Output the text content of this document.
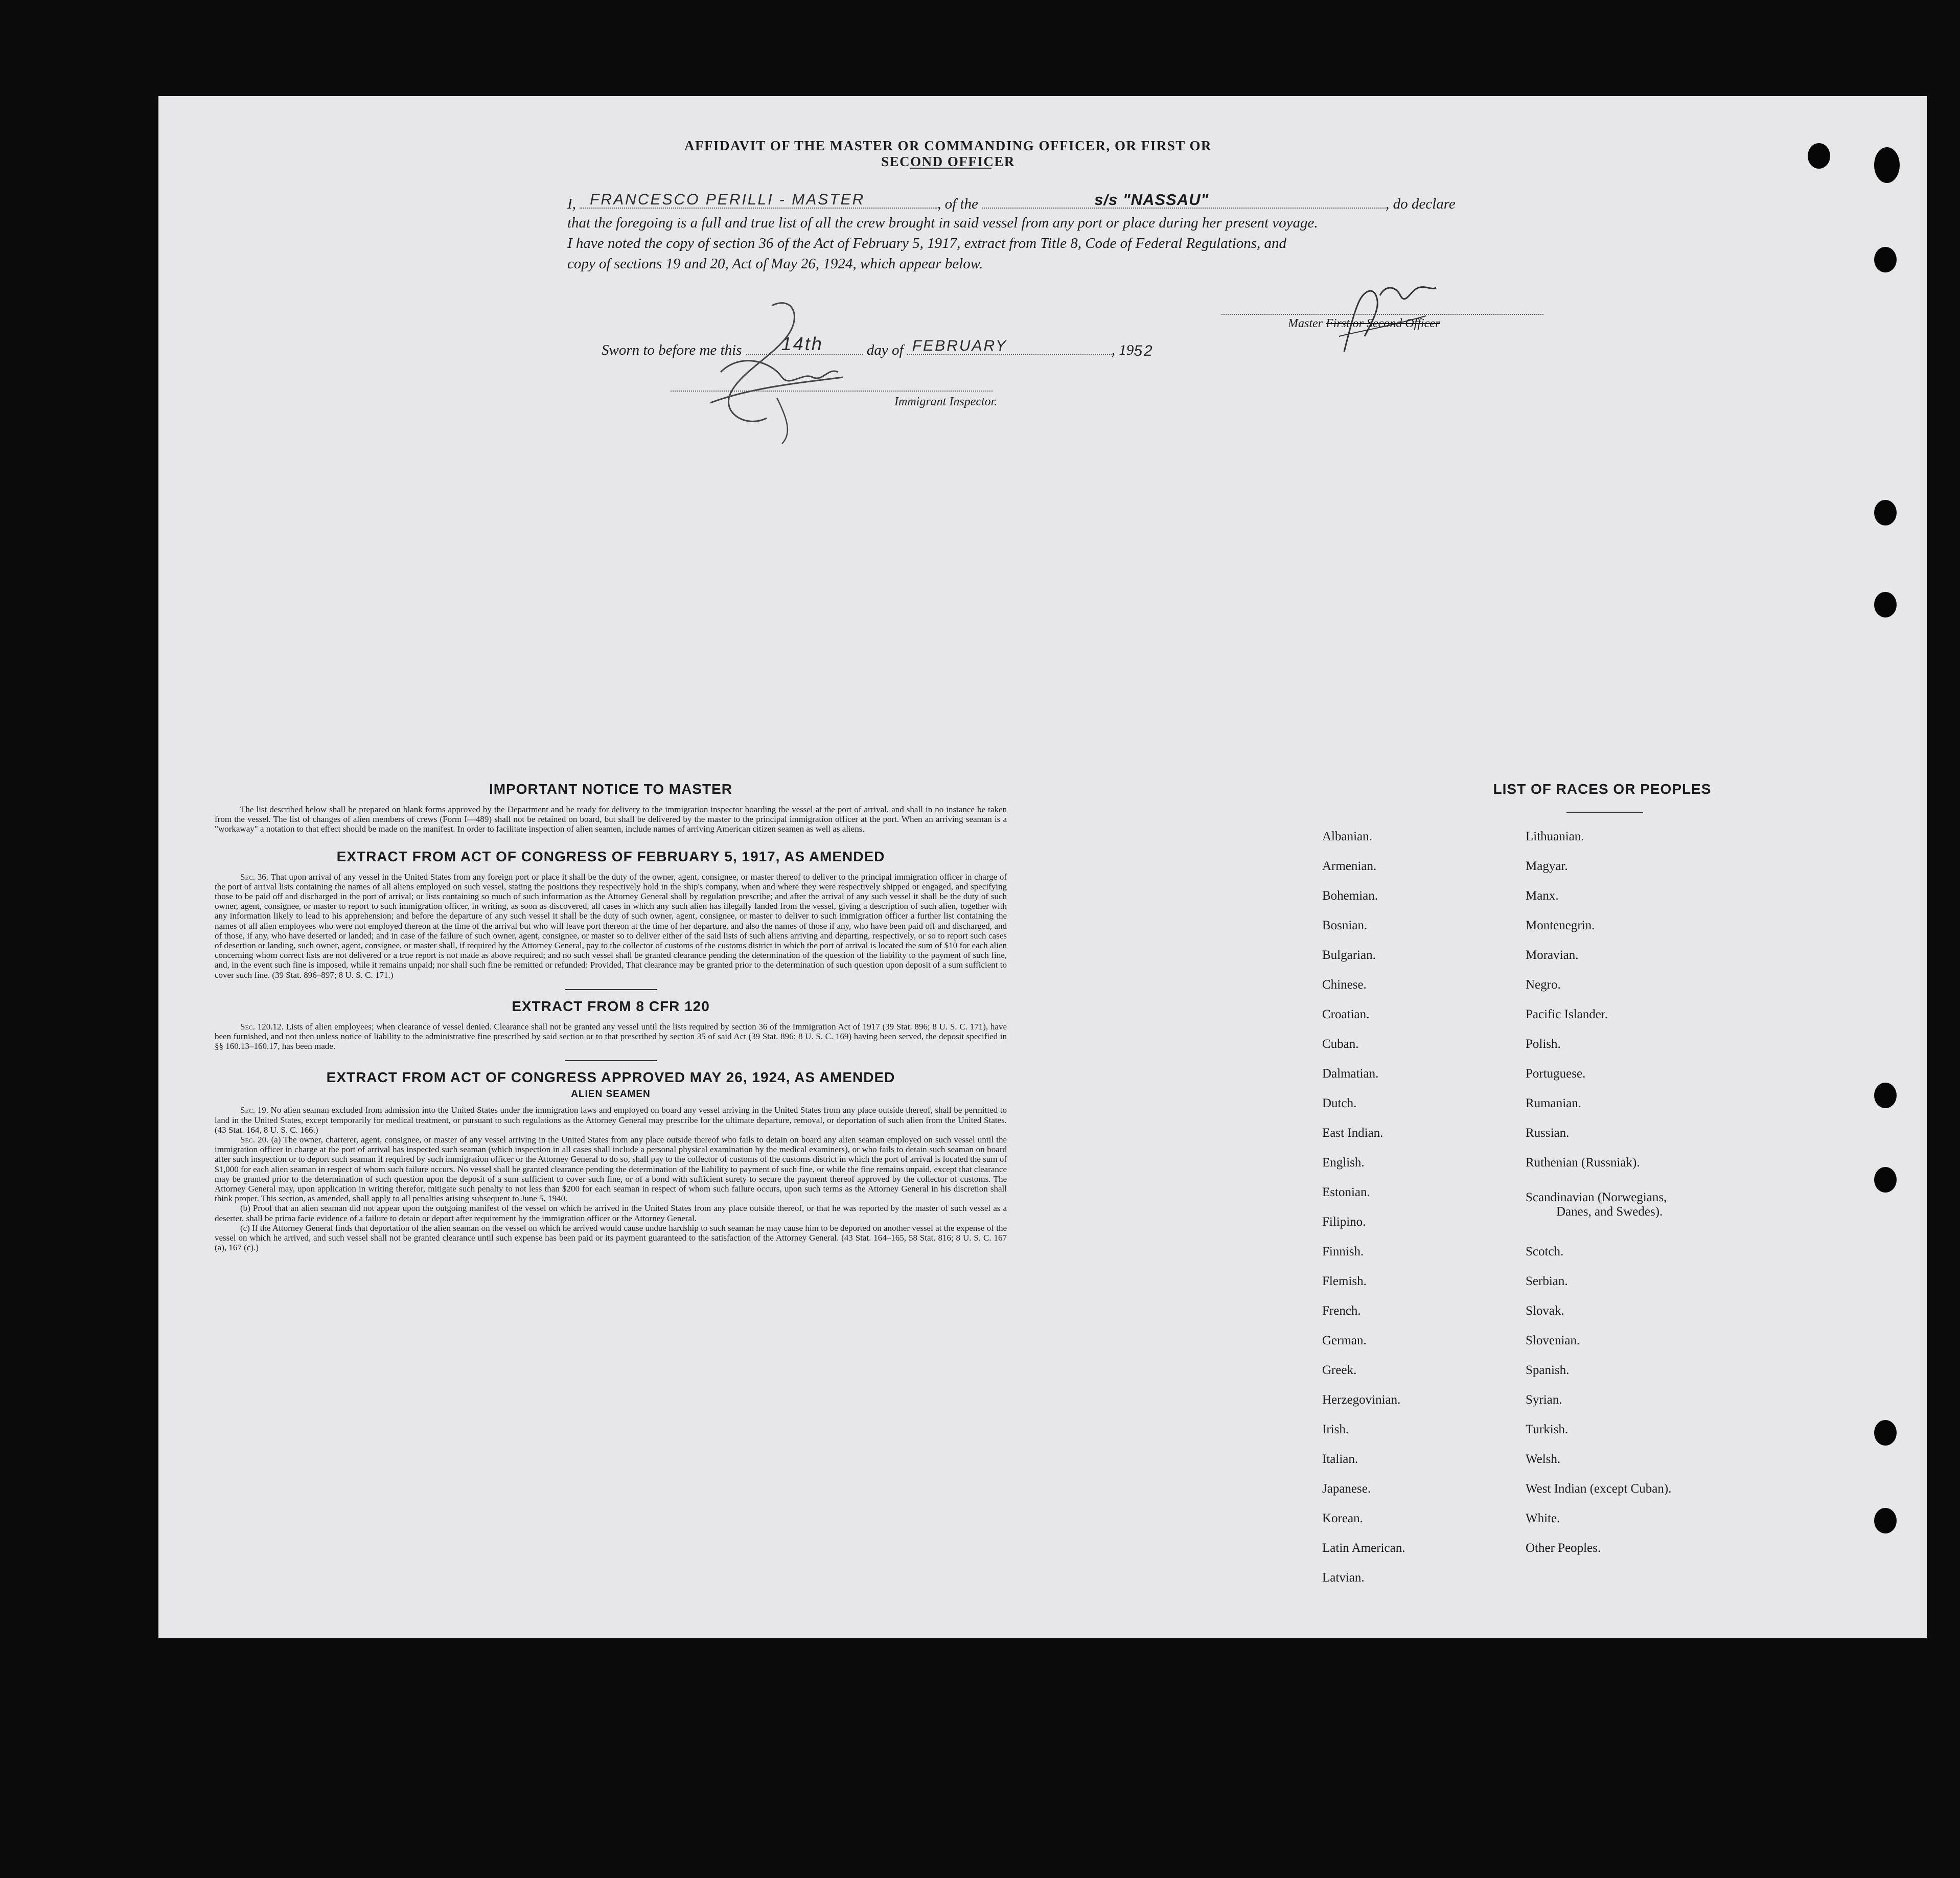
AFFIDAVIT OF THE MASTER OR COMMANDING OFFICER, OR FIRST OR SECOND OFFICER
I, FRANCESCO PERILLI - MASTER	, of the	s/s "NASSAU"	, do declare
that the foregoing is a full and true list of all the crew brought in said vessel from any port or place during her present voyage.
I have noted the copy of section 36 of the Act of February 5, 1917, extract from Title 8, Code of Federal Regulations, and
copy of sections 19 and 20, Act of May 26, 1924, which appear below.
Master First or Second Officer
Sworn to before me this 14th	day of FEBRUARY	, 1952
Immigrant Inspector.
IMPORTANT NOTICE TO MASTER

The list described below shall be prepared on blank forms approved by the Department and be ready for delivery to the immigration inspector boarding the vessel at the port of arrival, and shall in no instance be taken from the vessel. The list of changes of alien members of crews (Form I—489) shall not be retained on board, but shall be delivered by the master to the principal immigration officer at the port. When an arriving seaman is a "workaway" a notation to that effect should be made on the manifest. In order to facilitate inspection of alien seamen, include names of arriving American citizen seamen as well as aliens.

EXTRACT FROM ACT OF CONGRESS OF FEBRUARY 5, 1917, AS AMENDED

Sec. 36. That upon arrival of any vessel in the United States from any foreign port or place it shall be the duty of the owner, agent, consignee, or master thereof to deliver to the principal immigration officer in charge of the port of arrival lists containing the names of all aliens employed on such vessel, stating the positions they respectively hold in the ship's company, when and where they were respectively shipped or engaged, and specifying those to be paid off and discharged in the port of arrival; or lists containing so much of such information as the Attorney General shall by regulation prescribe; and after the arrival of any such vessel it shall be the duty of such owner, agent, consignee, or master to report to such immigration officer, in writing, as soon as discovered, all cases in which any such alien has illegally landed from the vessel, giving a description of such alien, together with any information likely to lead to his apprehension; and before the departure of any such vessel it shall be the duty of such owner, agent, consignee, or master to deliver to such immigration officer a further list containing the names of all alien employees who were not employed thereon at the time of the arrival but who will leave port thereon at the time of her departure, and also the names of those if any, who have been paid off and discharged, and of those, if any, who have deserted or landed; and in case of the failure of such owner, agent, consignee, or master so to deliver either of the said lists of such aliens arriving and departing, respectively, or so to report such cases of desertion or landing, such owner, agent, consignee, or master shall, if required by the Attorney General, pay to the collector of customs of the customs district in which the port of arrival is located the sum of $10 for each alien concerning whom correct lists are not delivered or a true report is not made as above required; and no such vessel shall be granted clearance pending the determination of the question of the liability to the payment of such fine, and, in the event such fine is imposed, while it remains unpaid; nor shall such fine be remitted or refunded: Provided, That clearance may be granted prior to the determination of such question upon deposit of a sum sufficient to cover such fine. (39 Stat. 896–897; 8 U. S. C. 171.)

EXTRACT FROM 8 CFR 120

Sec. 120.12. Lists of alien employees; when clearance of vessel denied. Clearance shall not be granted any vessel until the lists required by section 36 of the Immigration Act of 1917 (39 Stat. 896; 8 U. S. C. 171), have been furnished, and not then unless notice of liability to the administrative fine prescribed by said section or to that prescribed by section 35 of said Act (39 Stat. 896; 8 U. S. C. 169) having been served, the deposit specified in §§ 160.13–160.17, has been made.

EXTRACT FROM ACT OF CONGRESS APPROVED MAY 26, 1924, AS AMENDED
ALIEN SEAMEN

Sec. 19. No alien seaman excluded from admission into the United States under the immigration laws and employed on board any vessel arriving in the United States from any place outside thereof, shall be permitted to land in the United States, except temporarily for medical treatment, or pursuant to such regulations as the Attorney General may prescribe for the ultimate departure, removal, or deportation of such alien from the United States. (43 Stat. 164, 8 U. S. C. 166.)

Sec. 20. (a) The owner, charterer, agent, consignee, or master of any vessel arriving in the United States from any place outside thereof who fails to detain on board any alien seaman employed on such vessel until the immigration officer in charge at the port of arrival has inspected such seaman (which inspection in all cases shall include a personal physical examination by the medical examiners), or who fails to detain such seaman on board after such inspection or to deport such seaman if required by such immigration officer or the Attorney General to do so, shall pay to the collector of customs of the customs district in which the port of arrival is located the sum of $1,000 for each alien seaman in respect of whom such failure occurs. No vessel shall be granted clearance pending the determination of the liability to payment of such fine, or while the fine remains unpaid, except that clearance may be granted prior to the determination of such question upon the deposit of a sum sufficient to cover such fine, or of a bond with sufficient surety to secure the payment thereof approved by the collector of customs. The Attorney General may, upon application in writing therefor, mitigate such penalty to not less than $200 for each seaman in respect of whom such failure occurs, upon such terms as the Attorney General in his discretion shall think proper. This section, as amended, shall apply to all penalties arising subsequent to June 5, 1940.

(b) Proof that an alien seaman did not appear upon the outgoing manifest of the vessel on which he arrived in the United States from any place outside thereof, or that he was reported by the master of such vessel as a deserter, shall be prima facie evidence of a failure to detain or deport after requirement by the immigration officer or the Attorney General.

(c) If the Attorney General finds that deportation of the alien seaman on the vessel on which he arrived would cause undue hardship to such seaman he may cause him to be deported on another vessel at the expense of the vessel on which he arrived, and such vessel shall not be granted clearance until such expense has been paid or its payment guaranteed to the satisfaction of the Attorney General. (43 Stat. 164–165, 58 Stat. 816; 8 U. S. C. 167 (a), 167 (c).)

LIST OF RACES OR PEOPLES
Albanian.
Armenian.
Bohemian.
Bosnian.
Bulgarian.
Chinese.
Croatian.
Cuban.
Dalmatian.
Dutch.
East Indian.
English.
Estonian.
Filipino.
Finnish.
Flemish.
French.
German.
Greek.
Herzegovinian.
Irish.
Italian.
Japanese.
Korean.
Latin American.
Latvian.
Lithuanian.
Magyar.
Manx.
Montenegrin.
Moravian.
Negro.
Pacific Islander.
Polish.
Portuguese.
Rumanian.
Russian.
Ruthenian (Russniak).
Scandinavian (Norwegians,
Danes, and Swedes).
Scotch.
Serbian.
Slovak.
Slovenian.
Spanish.
Syrian.
Turkish.
Welsh.
West Indian (except Cuban).
White.
Other Peoples.
